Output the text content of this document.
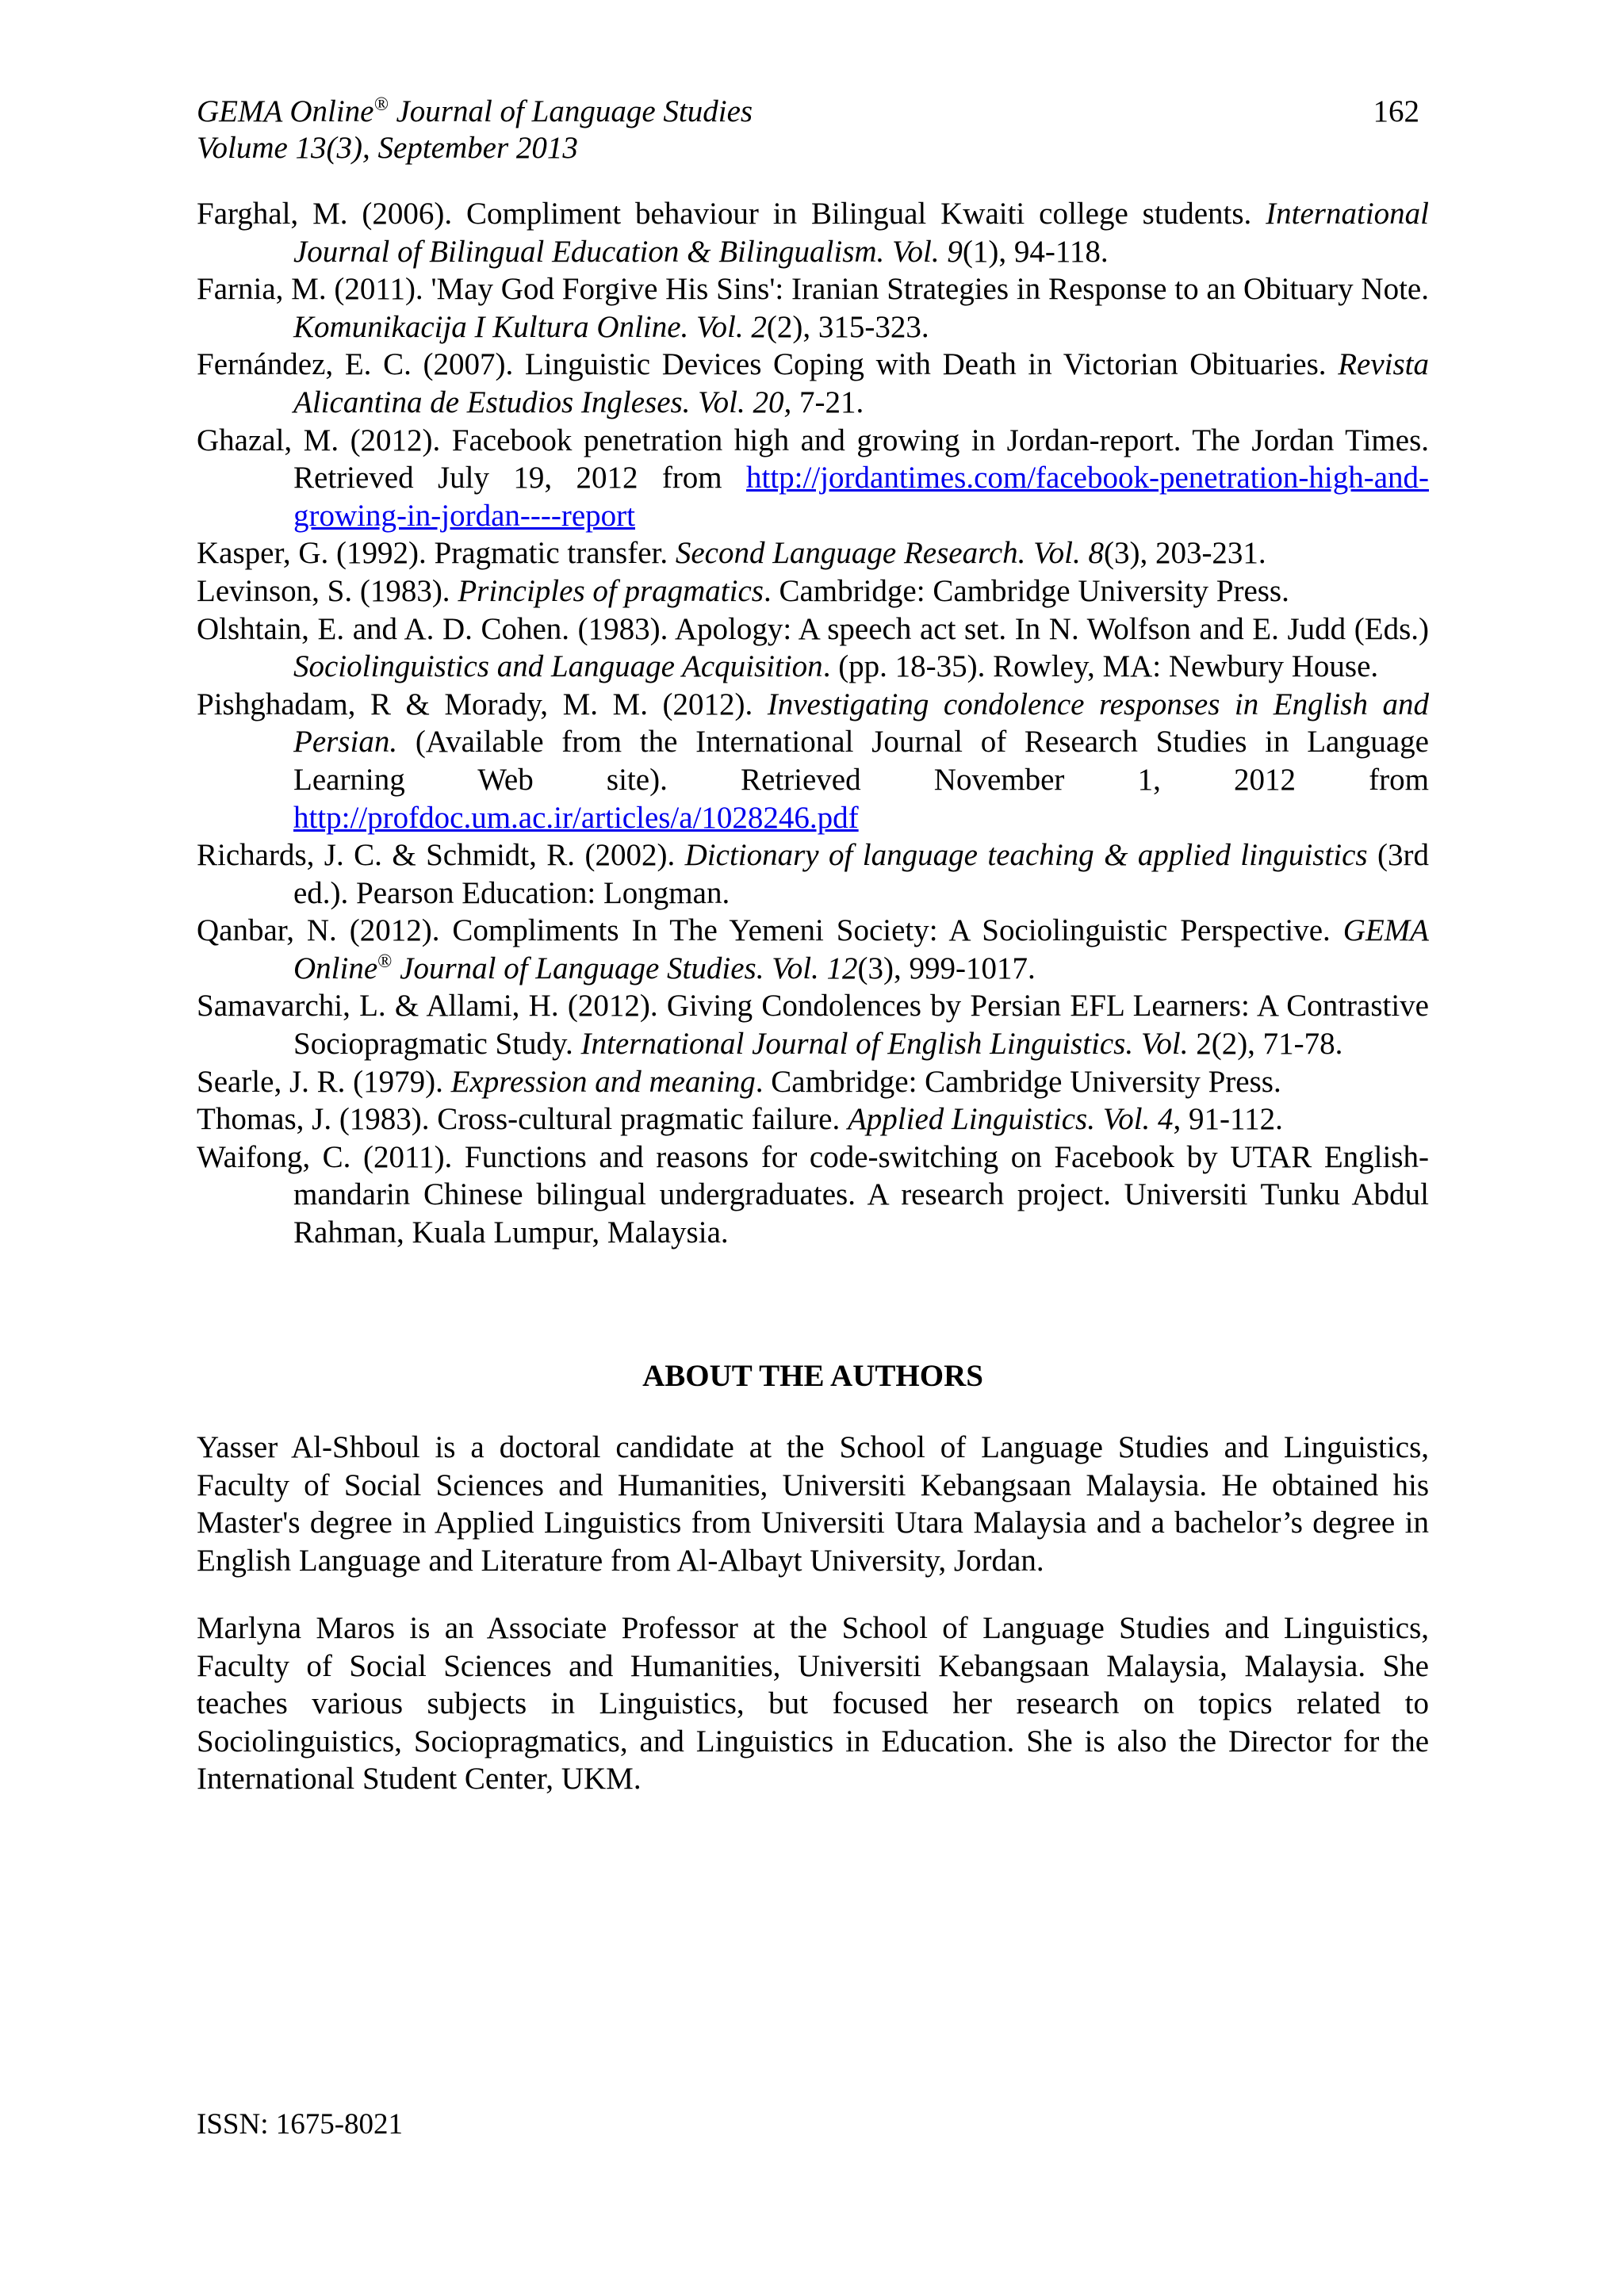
GEMA Online® Journal of Language Studies
Volume 13(3), September 2013
162

Farghal, M. (2006). Compliment behaviour in Bilingual Kwaiti college students. International Journal of Bilingual Education & Bilingualism. Vol. 9(1), 94-118.

Farnia, M. (2011). 'May God Forgive His Sins': Iranian Strategies in Response to an Obituary Note. Komunikacija I Kultura Online. Vol. 2(2), 315-323.

Fernández, E. C. (2007). Linguistic Devices Coping with Death in Victorian Obituaries. Revista Alicantina de Estudios Ingleses. Vol. 20, 7-21.

Ghazal, M. (2012). Facebook penetration high and growing in Jordan-report. The Jordan Times. Retrieved July 19, 2012 from http://jordantimes.com/facebook-penetration-high-and-growing-in-jordan----report

Kasper, G. (1992). Pragmatic transfer. Second Language Research. Vol. 8(3), 203-231.

Levinson, S. (1983). Principles of pragmatics. Cambridge: Cambridge University Press.

Olshtain, E. and A. D. Cohen. (1983). Apology: A speech act set. In N. Wolfson and E. Judd (Eds.) Sociolinguistics and Language Acquisition. (pp. 18-35). Rowley, MA: Newbury House.

Pishghadam, R & Morady, M. M. (2012). Investigating condolence responses in English and Persian. (Available from the International Journal of Research Studies in Language Learning Web site). Retrieved November 1, 2012 from http://profdoc.um.ac.ir/articles/a/1028246.pdf

Richards, J. C. & Schmidt, R. (2002). Dictionary of language teaching & applied linguistics (3rd ed.). Pearson Education: Longman.

Qanbar, N. (2012). Compliments In The Yemeni Society: A Sociolinguistic Perspective. GEMA Online® Journal of Language Studies. Vol. 12(3), 999-1017.

Samavarchi, L. & Allami, H. (2012). Giving Condolences by Persian EFL Learners: A Contrastive Sociopragmatic Study. International Journal of English Linguistics. Vol. 2(2), 71-78.

Searle, J. R. (1979). Expression and meaning. Cambridge: Cambridge University Press.

Thomas, J. (1983). Cross-cultural pragmatic failure. Applied Linguistics. Vol. 4, 91-112.

Waifong, C. (2011). Functions and reasons for code-switching on Facebook by UTAR English-mandarin Chinese bilingual undergraduates. A research project. Universiti Tunku Abdul Rahman, Kuala Lumpur, Malaysia.

ABOUT THE AUTHORS

Yasser Al-Shboul is a doctoral candidate at the School of Language Studies and Linguistics, Faculty of Social Sciences and Humanities, Universiti Kebangsaan Malaysia. He obtained his Master's degree in Applied Linguistics from Universiti Utara Malaysia and a bachelor’s degree in English Language and Literature from Al-Albayt University, Jordan.

Marlyna Maros is an Associate Professor at the School of Language Studies and Linguistics, Faculty of Social Sciences and Humanities, Universiti Kebangsaan Malaysia, Malaysia. She teaches various subjects in Linguistics, but focused her research on topics related to Sociolinguistics, Sociopragmatics, and Linguistics in Education. She is also the Director for the International Student Center, UKM.

ISSN: 1675-8021
